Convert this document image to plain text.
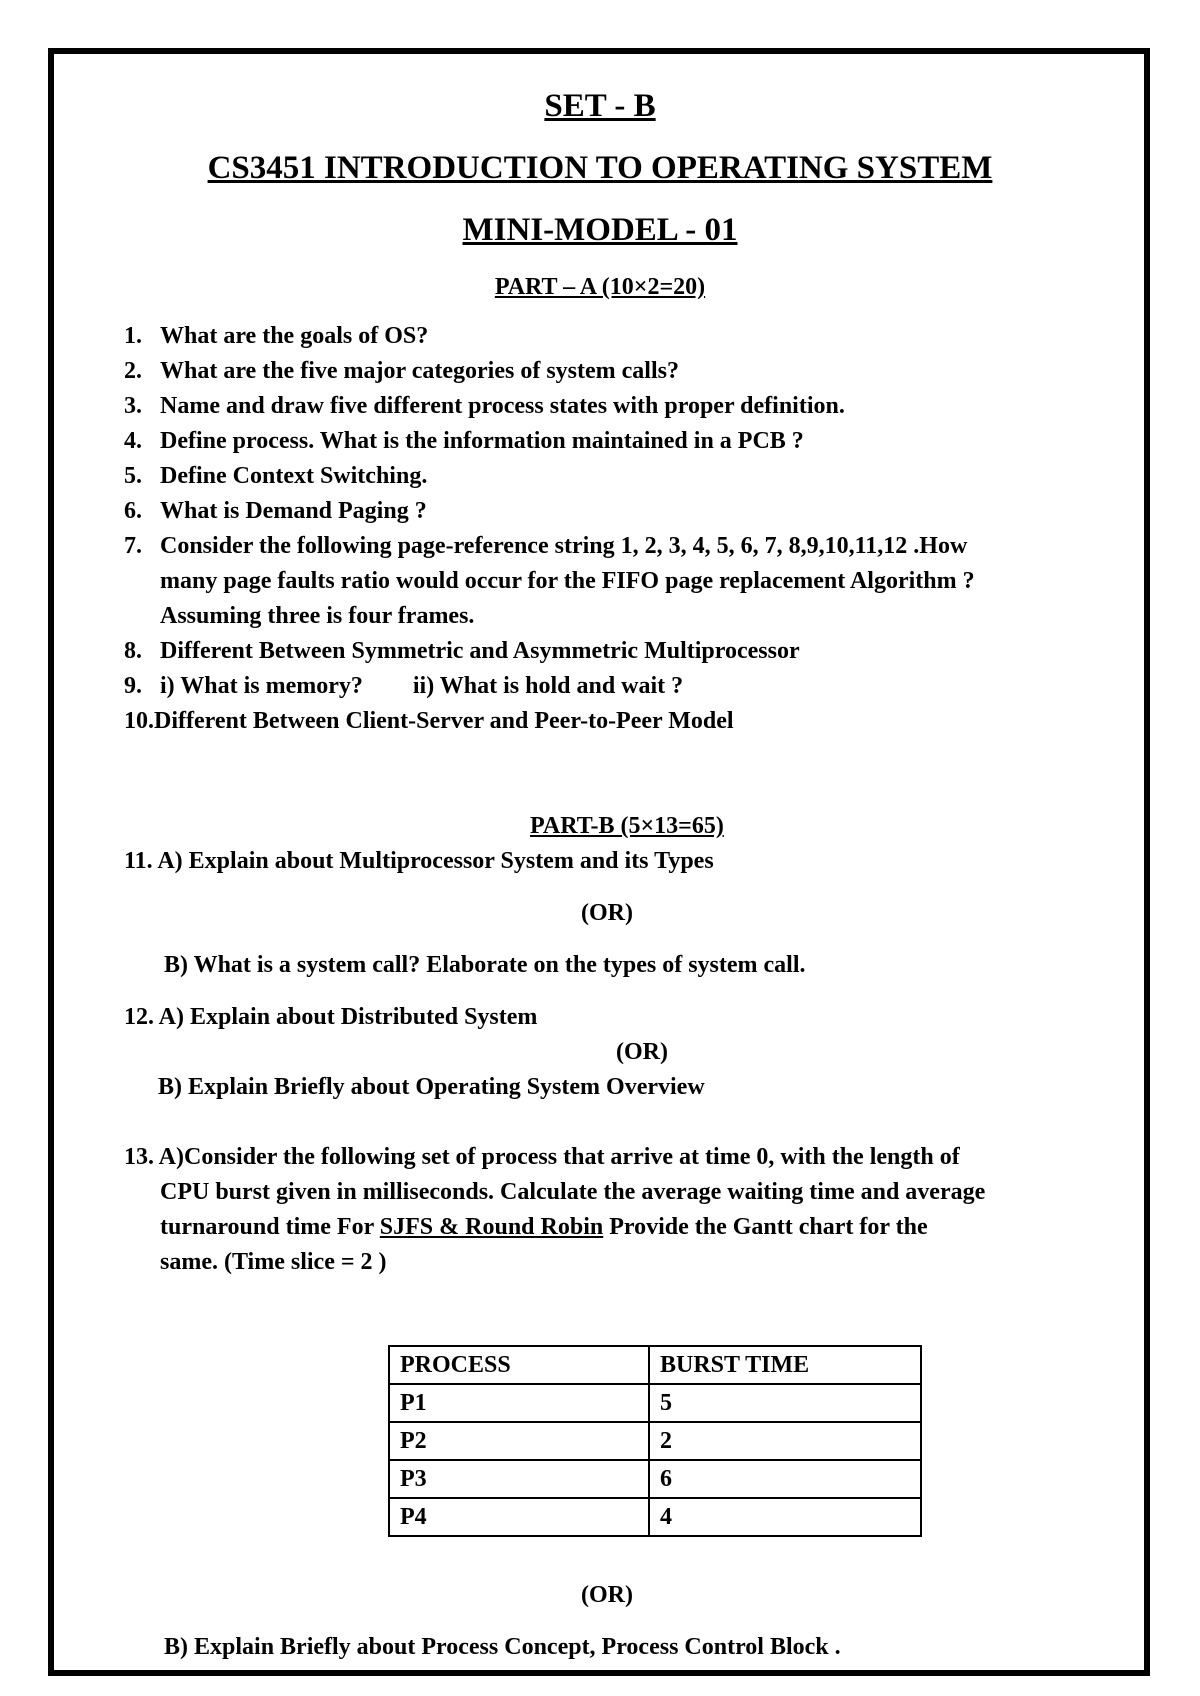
SET - B
CS3451 INTRODUCTION TO OPERATING SYSTEM
MINI-MODEL - 01
PART – A (10×2=20)
1. What are the goals of OS?
2. What are the five major categories of system calls?
3. Name and draw five different process states with proper definition.
4. Define process. What is the information maintained in a PCB ?
5. Define Context Switching.
6. What is Demand Paging ?
7. Consider the following page-reference string 1, 2, 3, 4, 5, 6, 7, 8,9,10,11,12 .How
many page faults ratio would occur for the FIFO page replacement Algorithm ?
Assuming three is four frames.
8. Different Between Symmetric and Asymmetric Multiprocessor
9. i) What is memory? ii) What is hold and wait ?
10.Different Between Client-Server and Peer-to-Peer Model
PART-B (5×13=65)
11. A) Explain about Multiprocessor System and its Types
(OR)
B) What is a system call? Elaborate on the types of system call.
12. A) Explain about Distributed System
(OR)
B) Explain Briefly about Operating System Overview
13. A)Consider the following set of process that arrive at time 0, with the length of
CPU burst given in milliseconds. Calculate the average waiting time and average
turnaround time For SJFS & Round Robin Provide the Gantt chart for the
same. (Time slice = 2 )
PROCESS	BURST TIME
P1	5
P2	2
P3	6
P4	4
(OR)
B) Explain Briefly about Process Concept, Process Control Block .
